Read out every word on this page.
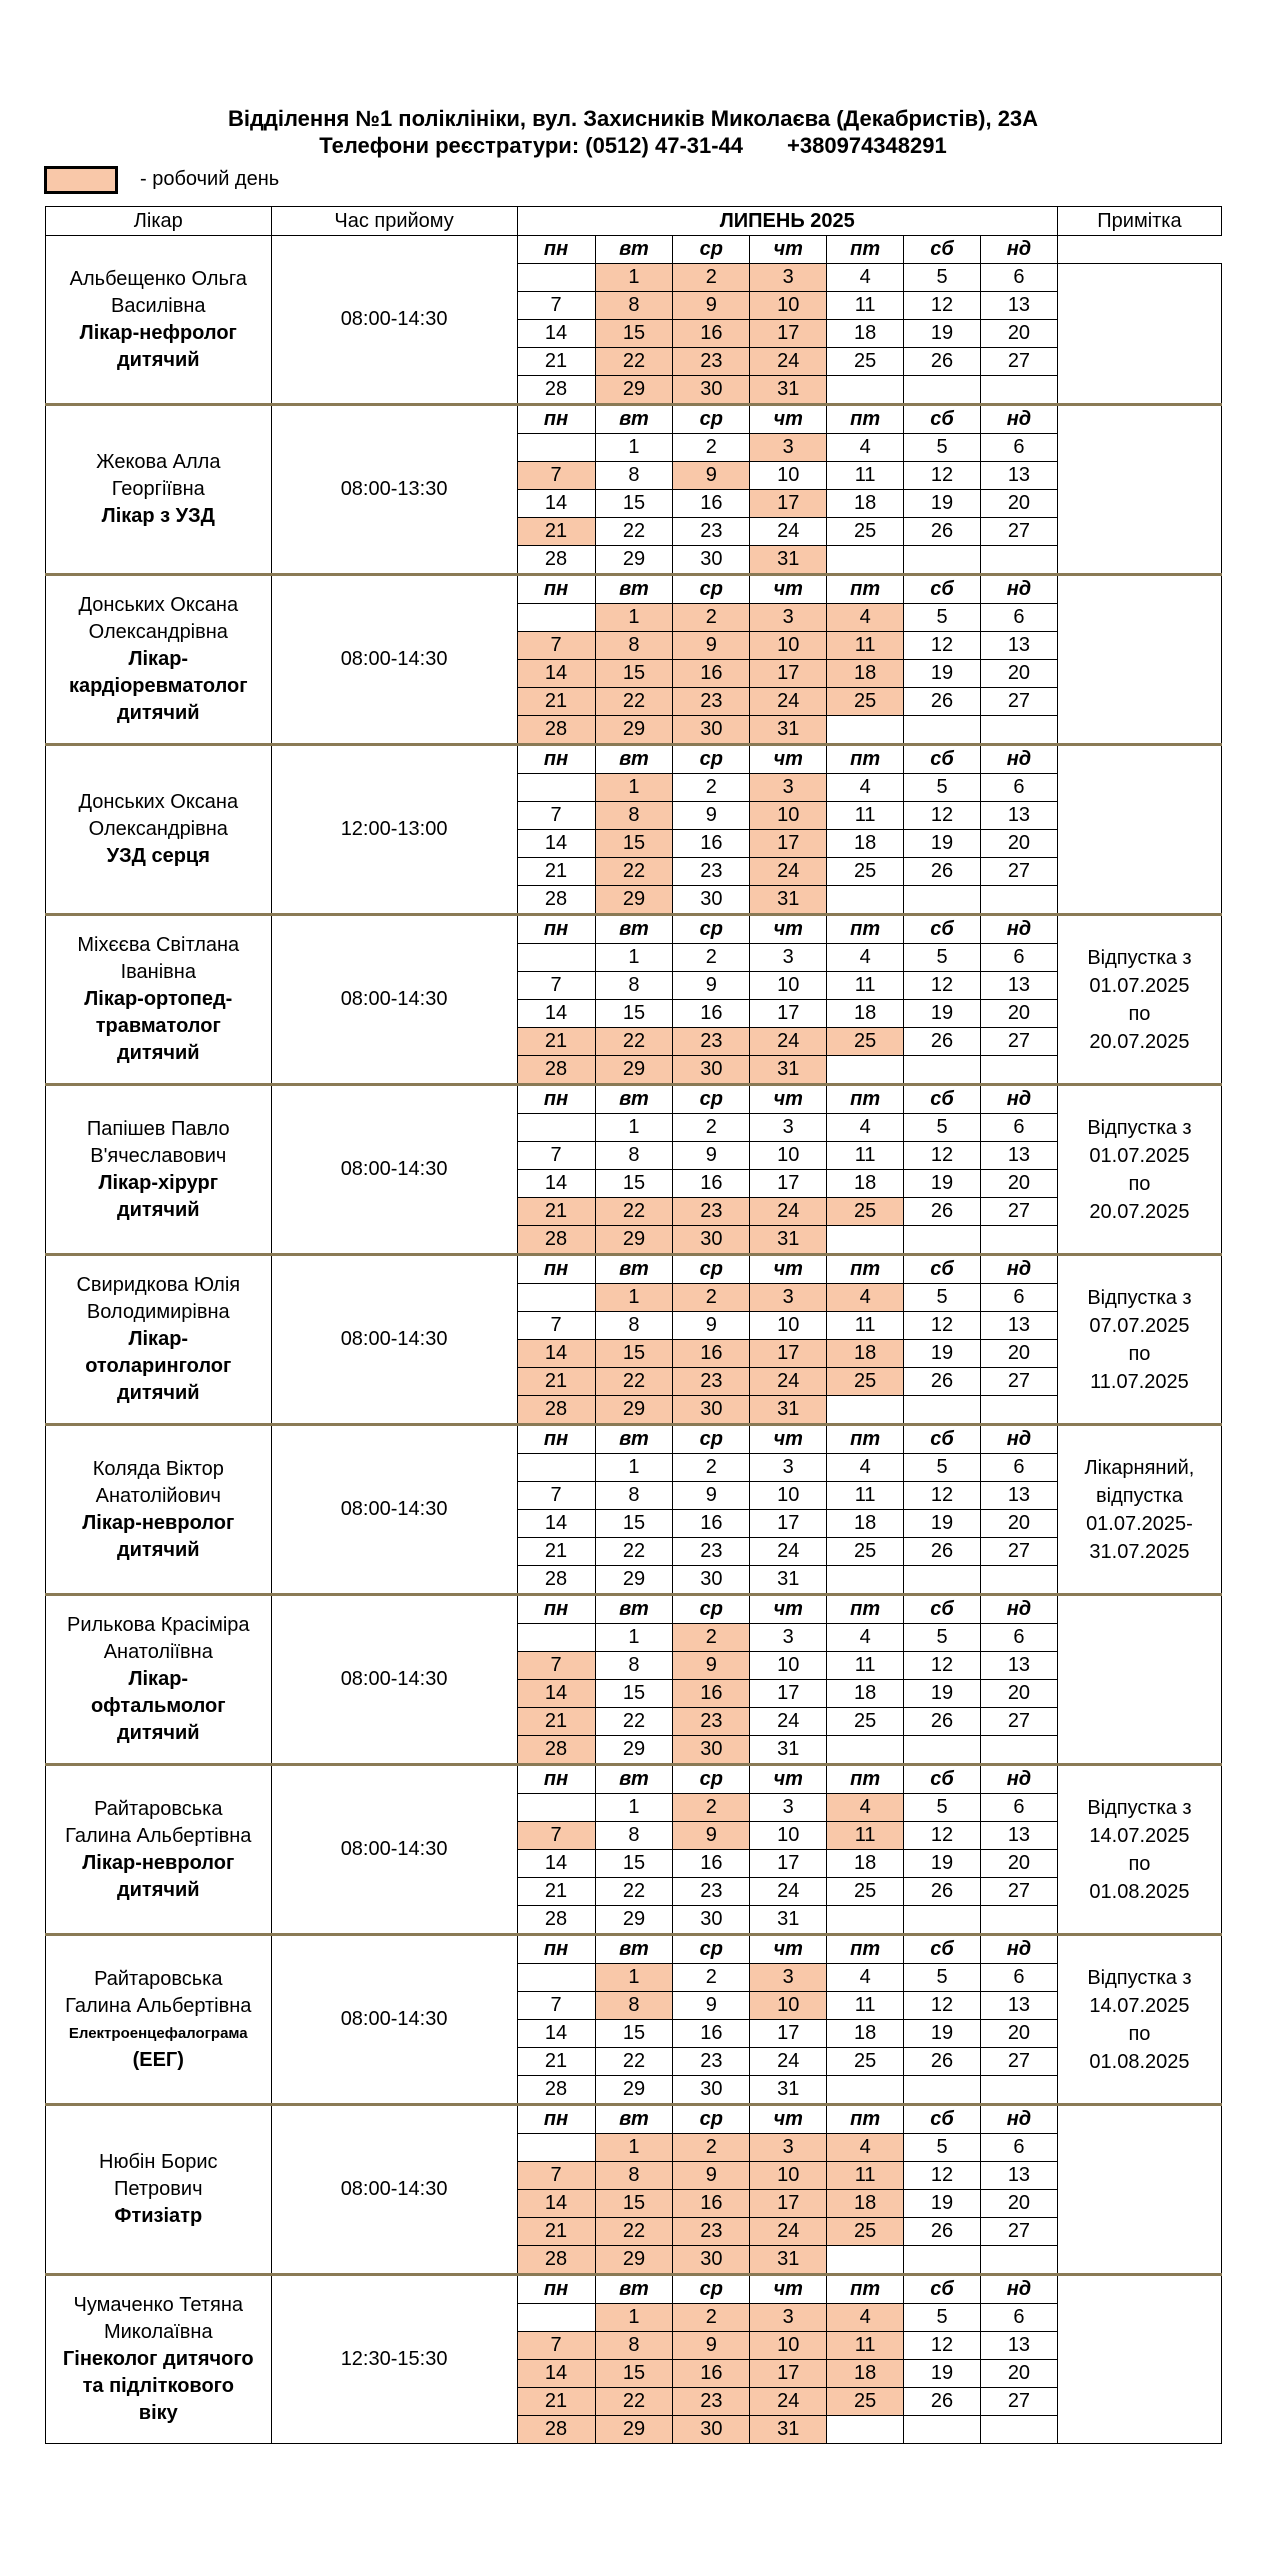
Відділення №1 поліклініки, вул. Захисників Миколаєва (Декабристів), 23А
Телефони реєстратури: (0512) 47-31-44 +380974348291
- робочий день
Лікар	Час прийому	ЛИПЕНЬ 2025							Примітка

Альбещенко Ольга
Василівна
Лікар-нефролог
дитячий	08:00-14:30	пн	вт	ср	чт	пт	сб	нд	
			1	2	3	4	5	6	
		7	8	9	10	11	12	13	
		14	15	16	17	18	19	20	
		21	22	23	24	25	26	27	
		28	29	30	31				

Жекова Алла
Георгіївна
Лікар з УЗД	08:00-13:30	пн	вт	ср	чт	пт	сб	нд	
			1	2	3	4	5	6	
		7	8	9	10	11	12	13	
		14	15	16	17	18	19	20	
		21	22	23	24	25	26	27	
		28	29	30	31				

Донських Оксана
Олександрівна
Лікар-
кардіоревматолог
дитячий	08:00-14:30	пн	вт	ср	чт	пт	сб	нд	
			1	2	3	4	5	6	
		7	8	9	10	11	12	13	
		14	15	16	17	18	19	20	
		21	22	23	24	25	26	27	
		28	29	30	31				

Донських Оксана
Олександрівна
УЗД серця	12:00-13:00	пн	вт	ср	чт	пт	сб	нд	
			1	2	3	4	5	6	
		7	8	9	10	11	12	13	
		14	15	16	17	18	19	20	
		21	22	23	24	25	26	27	
		28	29	30	31				

Міхєєва Світлана
Іванівна
Лікар-ортопед-
травматолог
дитячий	08:00-14:30	пн	вт	ср	чт	пт	сб	нд	Відпустка з
01.07.2025
по
20.07.2025

			1	2	3	4	5	6	
		7	8	9	10	11	12	13	
		14	15	16	17	18	19	20	
		21	22	23	24	25	26	27	
		28	29	30	31				

Папішев Павло
В'ячеславович
Лікар-хірург
дитячий	08:00-14:30	пн	вт	ср	чт	пт	сб	нд	Відпустка з
01.07.2025
по
20.07.2025

			1	2	3	4	5	6	
		7	8	9	10	11	12	13	
		14	15	16	17	18	19	20	
		21	22	23	24	25	26	27	
		28	29	30	31				

Свиридкова Юлія
Володимирівна
Лікар-
отоларинголог
дитячий	08:00-14:30	пн	вт	ср	чт	пт	сб	нд	Відпустка з
07.07.2025
по
11.07.2025

			1	2	3	4	5	6	
		7	8	9	10	11	12	13	
		14	15	16	17	18	19	20	
		21	22	23	24	25	26	27	
		28	29	30	31				

Коляда Віктор
Анатолійович
Лікар-невролог
дитячий	08:00-14:30	пн	вт	ср	чт	пт	сб	нд	Лікарняний,
відпустка
01.07.2025-
31.07.2025

			1	2	3	4	5	6	
		7	8	9	10	11	12	13	
		14	15	16	17	18	19	20	
		21	22	23	24	25	26	27	
		28	29	30	31				

Рилькова Красіміра
Анатоліївна
Лікар-
офтальмолог
дитячий	08:00-14:30	пн	вт	ср	чт	пт	сб	нд	
			1	2	3	4	5	6	
		7	8	9	10	11	12	13	
		14	15	16	17	18	19	20	
		21	22	23	24	25	26	27	
		28	29	30	31				

Райтаровська
Галина Альбертівна
Лікар-невролог
дитячий	08:00-14:30	пн	вт	ср	чт	пт	сб	нд	Відпустка з
14.07.2025
по
01.08.2025

			1	2	3	4	5	6	
		7	8	9	10	11	12	13	
		14	15	16	17	18	19	20	
		21	22	23	24	25	26	27	
		28	29	30	31				

Райтаровська
Галина Альбертівна
Електроенцефалограма
(ЕЕГ)	08:00-14:30	пн	вт	ср	чт	пт	сб	нд	Відпустка з
14.07.2025
по
01.08.2025

			1	2	3	4	5	6	
		7	8	9	10	11	12	13	
		14	15	16	17	18	19	20	
		21	22	23	24	25	26	27	
		28	29	30	31				

Нюбін Борис
Петрович
Фтизіатр	08:00-14:30	пн	вт	ср	чт	пт	сб	нд	
			1	2	3	4	5	6	
		7	8	9	10	11	12	13	
		14	15	16	17	18	19	20	
		21	22	23	24	25	26	27	
		28	29	30	31				

Чумаченко Тетяна
Миколаївна
Гінеколог дитячого
та підліткового
віку	12:30-15:30	пн	вт	ср	чт	пт	сб	нд	
			1	2	3	4	5	6	
		7	8	9	10	11	12	13	
		14	15	16	17	18	19	20	
		21	22	23	24	25	26	27	
		28	29	30	31				
